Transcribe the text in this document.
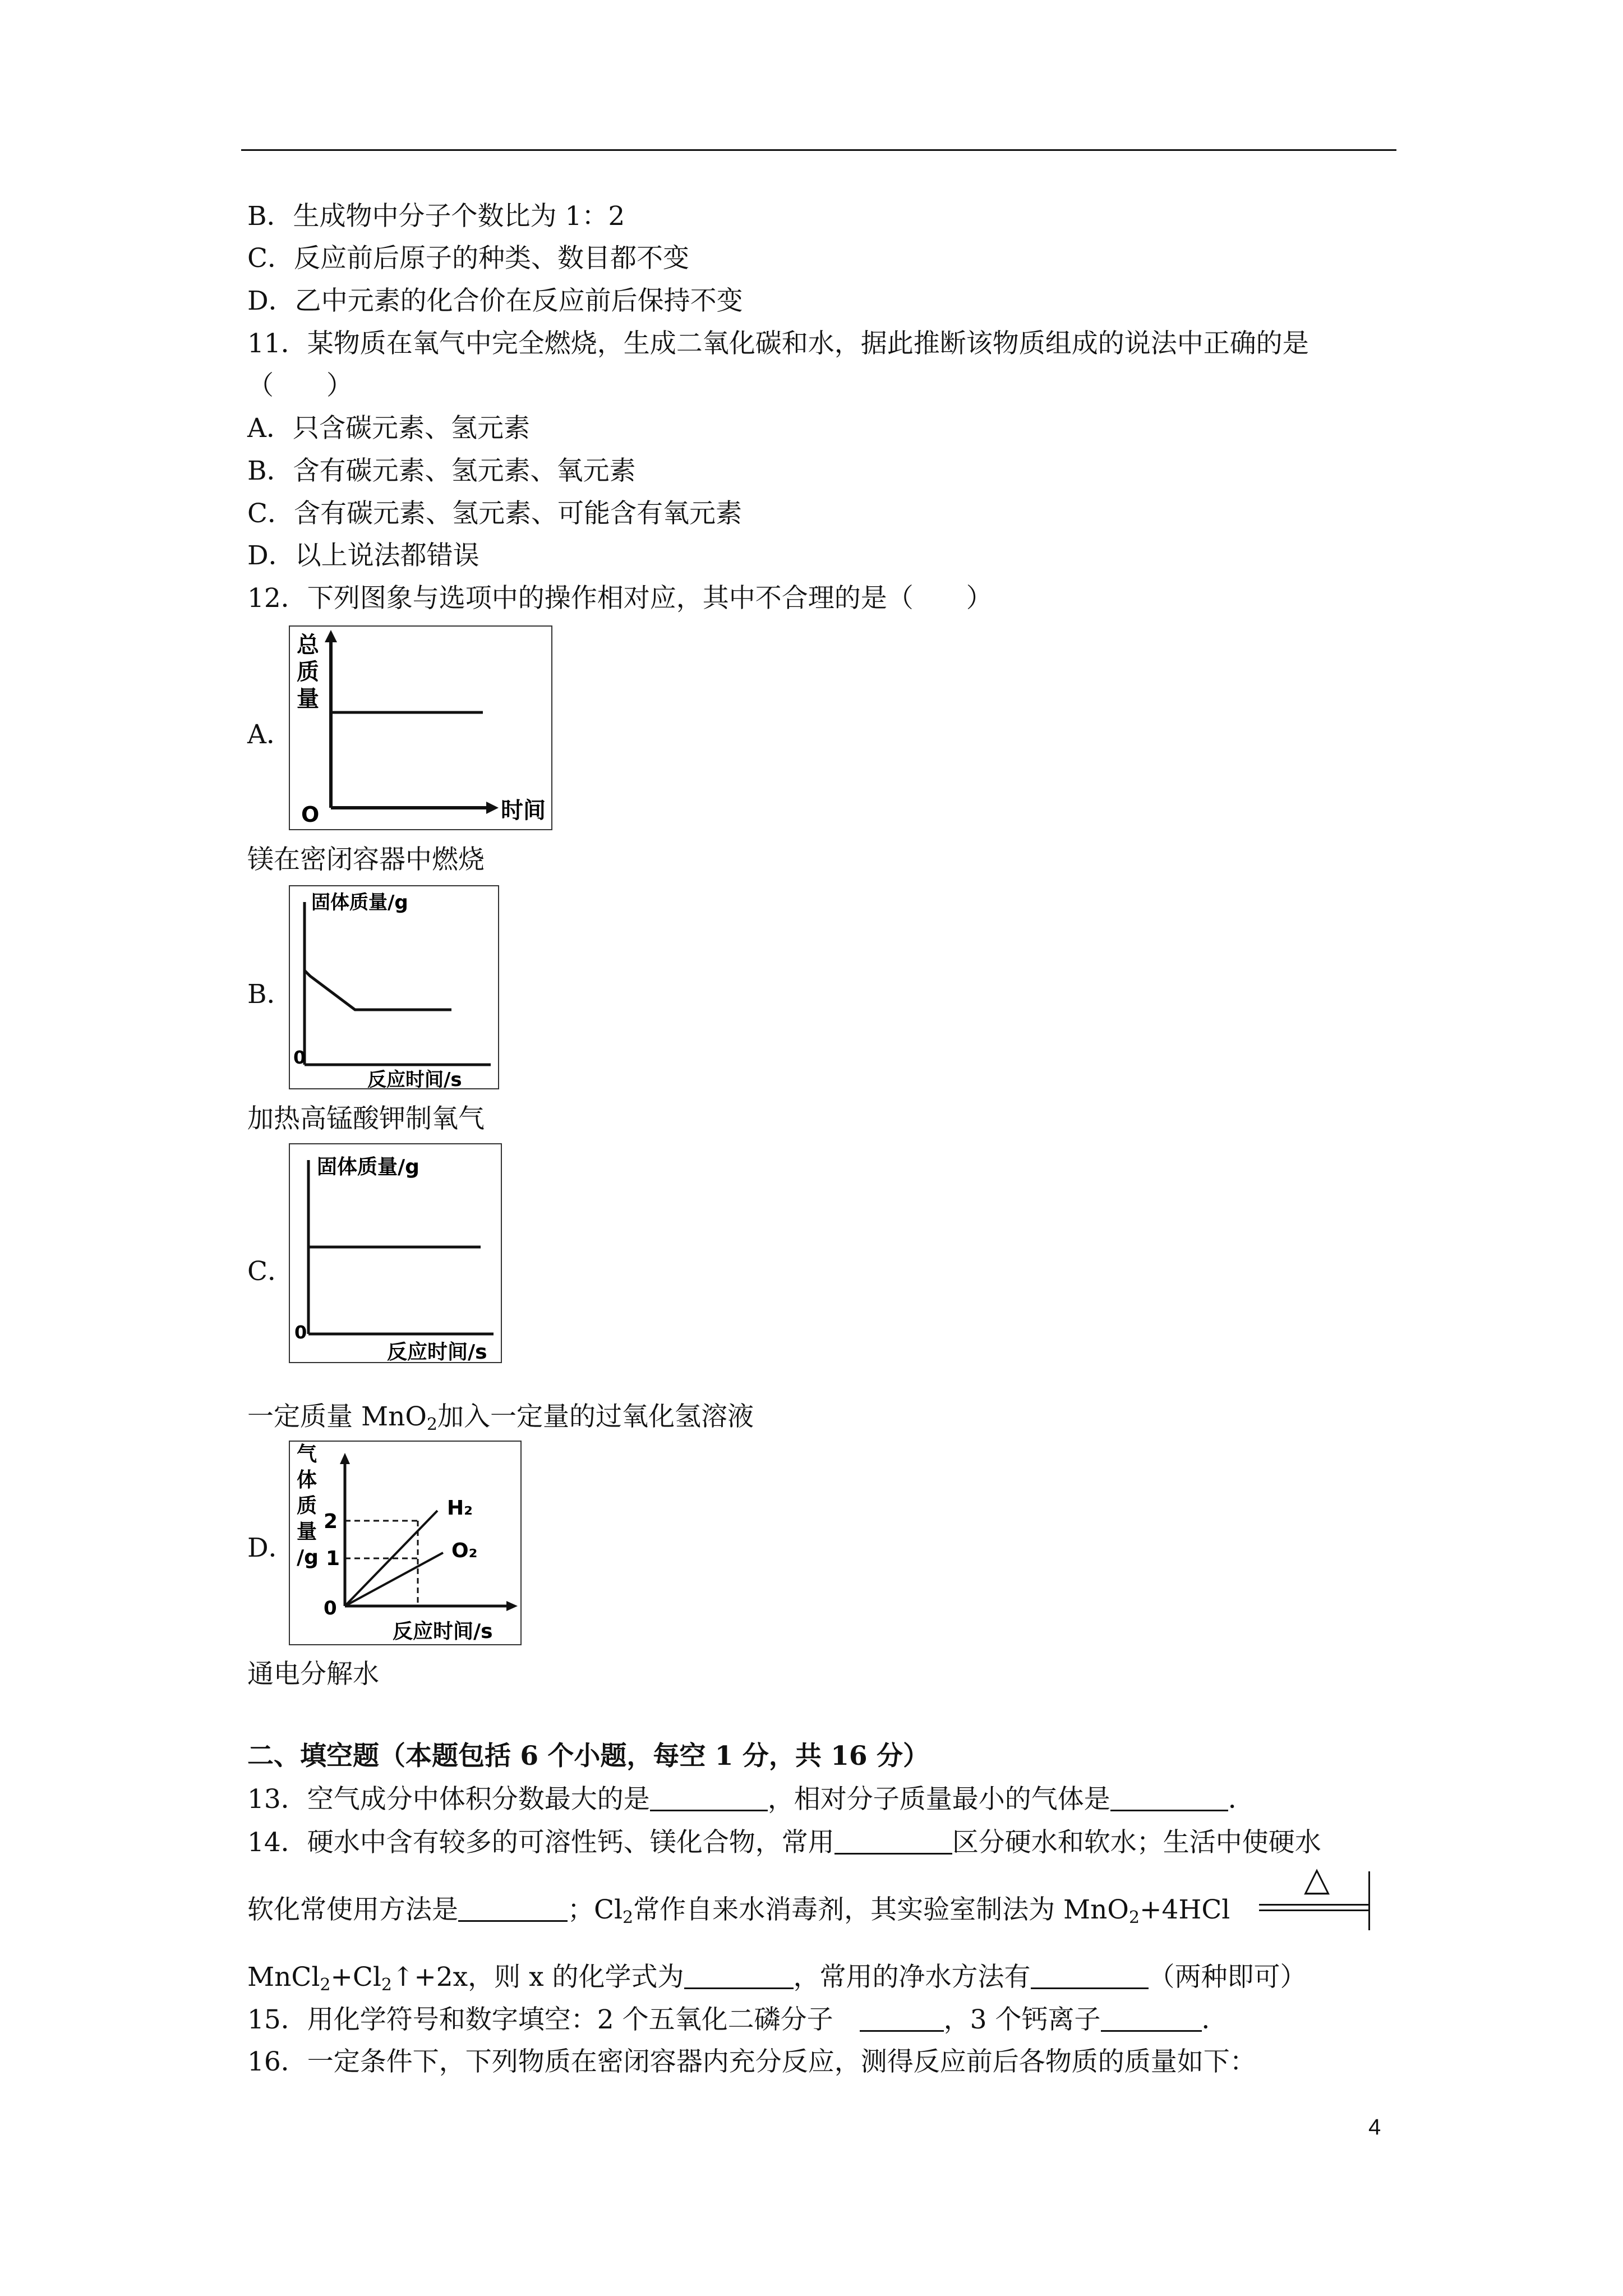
B．生成物中分子个数比为 1：2
C．反应前后原子的种类、数目都不变
D．乙中元素的化合价在反应前后保持不变
11．某物质在氧气中完全燃烧，生成二氧化碳和水，据此推断该物质组成的说法中正确的是
（　　）
A．只含碳元素、氢元素
B．含有碳元素、氢元素、氧元素
C．含有碳元素、氢元素、可能含有氧元素
D．以上说法都错误
12．下列图象与选项中的操作相对应，其中不合理的是（　　）
A．
总
质
量
O	时间
镁在密闭容器中燃烧
B．
固体质量/g
0
反应时间/s
加热高锰酸钾制氧气
C．
固体质量/g
0
反应时间/s
一定质量 MnO$_2$加入一定量的过氧化氢溶液
D．
气
体
质
量
/g
2
1
0
H₂
O₂
反应时间/s
通电分解水
二、填空题（本题包括 6 个小题，每空 1 分，共 16 分）
13．空气成分中体积分数最大的是	，相对分子质量最小的气体是	．
14．硬水中含有较多的可溶性钙、镁化合物，常用	区分硬水和软水；生活中使硬水
软化常使用方法是	；$Cl_2$常作自来水消毒剂，其实验室制法为 MnO$_2$+4HCl
△
$MnCl_2+Cl_2↑+2x$，则 x 的化学式为	，常用的净水方法有	（两种即可）
15．用化学符号和数字填空：2 个五氧化二磷分子　	，3 个钙离子	．
16．一定条件下，下列物质在密闭容器内充分反应，测得反应前后各物质的质量如下：
4
